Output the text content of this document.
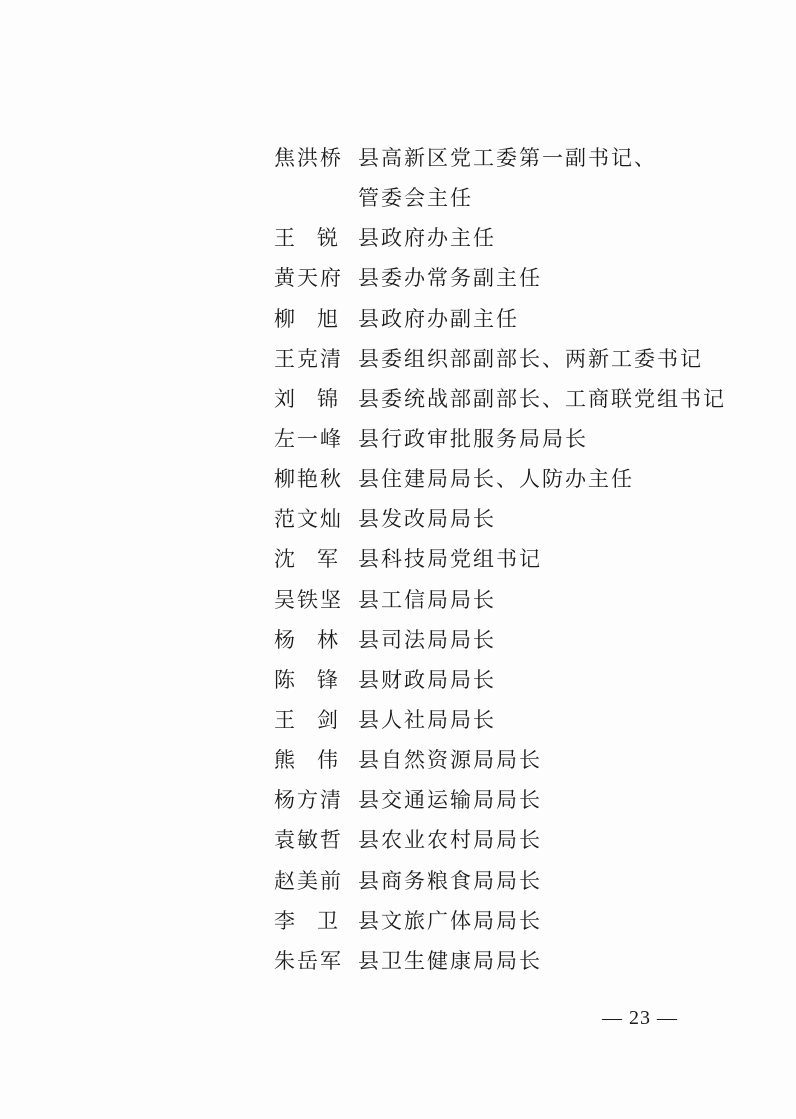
焦洪桥 县高新区党工委第一副书记、
管委会主任
王 锐 县政府办主任
黄天府 县委办常务副主任
柳 旭 县政府办副主任
王克清 县委组织部副部长、两新工委书记
刘 锦 县委统战部副部长、工商联党组书记
左一峰 县行政审批服务局局长
柳艳秋 县住建局局长、人防办主任
范文灿 县发改局局长
沈 军 县科技局党组书记
吴铁坚 县工信局局长
杨 林 县司法局局长
陈 锋 县财政局局长
王 剑 县人社局局长
熊 伟 县自然资源局局长
杨方清 县交通运输局局长
袁敏哲 县农业农村局局长
赵美前 县商务粮食局局长
李 卫 县文旅广体局局长
朱岳军 县卫生健康局局长
— 23 —
